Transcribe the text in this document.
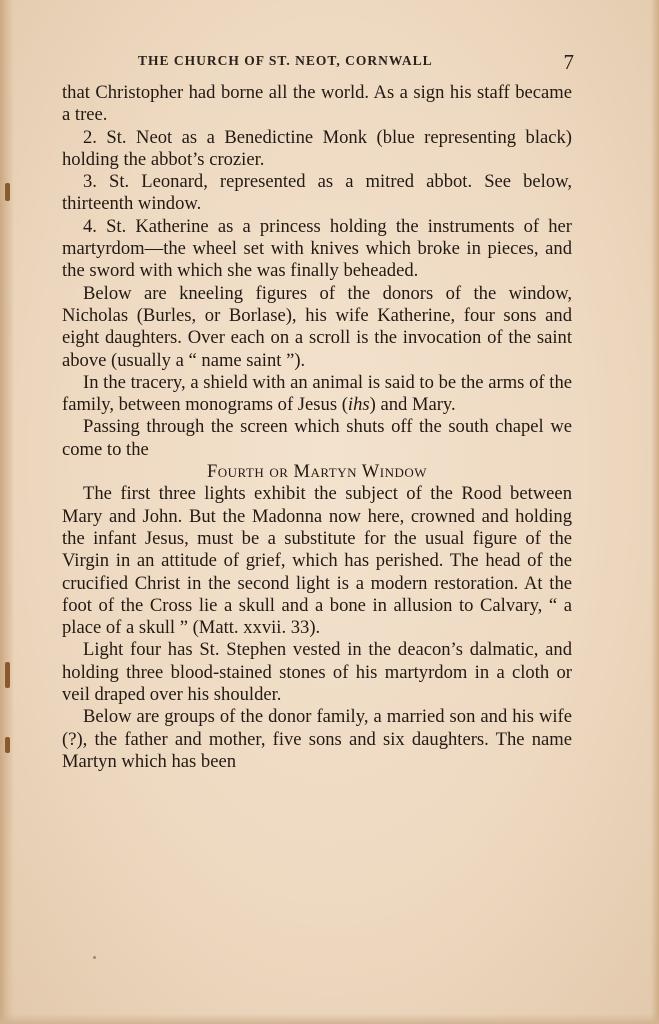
THE CHURCH OF ST. NEOT, CORNWALL	7

that Christopher had borne all the world. As a sign his staff became a tree.

2. St. Neot as a Benedictine Monk (blue representing black) holding the abbot’s crozier.

3. St. Leonard, represented as a mitred abbot. See below, thirteenth window.

4. St. Katherine as a princess holding the instruments of her martyrdom—the wheel set with knives which broke in pieces, and the sword with which she was finally beheaded.

Below are kneeling figures of the donors of the window, Nicholas (Burles, or Borlase), his wife Katherine, four sons and eight daughters. Over each on a scroll is the invocation of the saint above (usually a “ name saint ”).

In the tracery, a shield with an animal is said to be the arms of the family, between monograms of Jesus (ihs) and Mary.

Passing through the screen which shuts off the south chapel we come to the

Fourth or Martyn Window

The first three lights exhibit the subject of the Rood between Mary and John. But the Madonna now here, crowned and holding the infant Jesus, must be a substitute for the usual figure of the Virgin in an attitude of grief, which has perished. The head of the crucified Christ in the second light is a modern restoration. At the foot of the Cross lie a skull and a bone in allusion to Calvary, “ a place of a skull ” (Matt. xxvii. 33).

Light four has St. Stephen vested in the deacon’s dalmatic, and holding three blood-stained stones of his martyrdom in a cloth or veil draped over his shoulder.

Below are groups of the donor family, a married son and his wife (?), the father and mother, five sons and six daughters. The name Martyn which has been
